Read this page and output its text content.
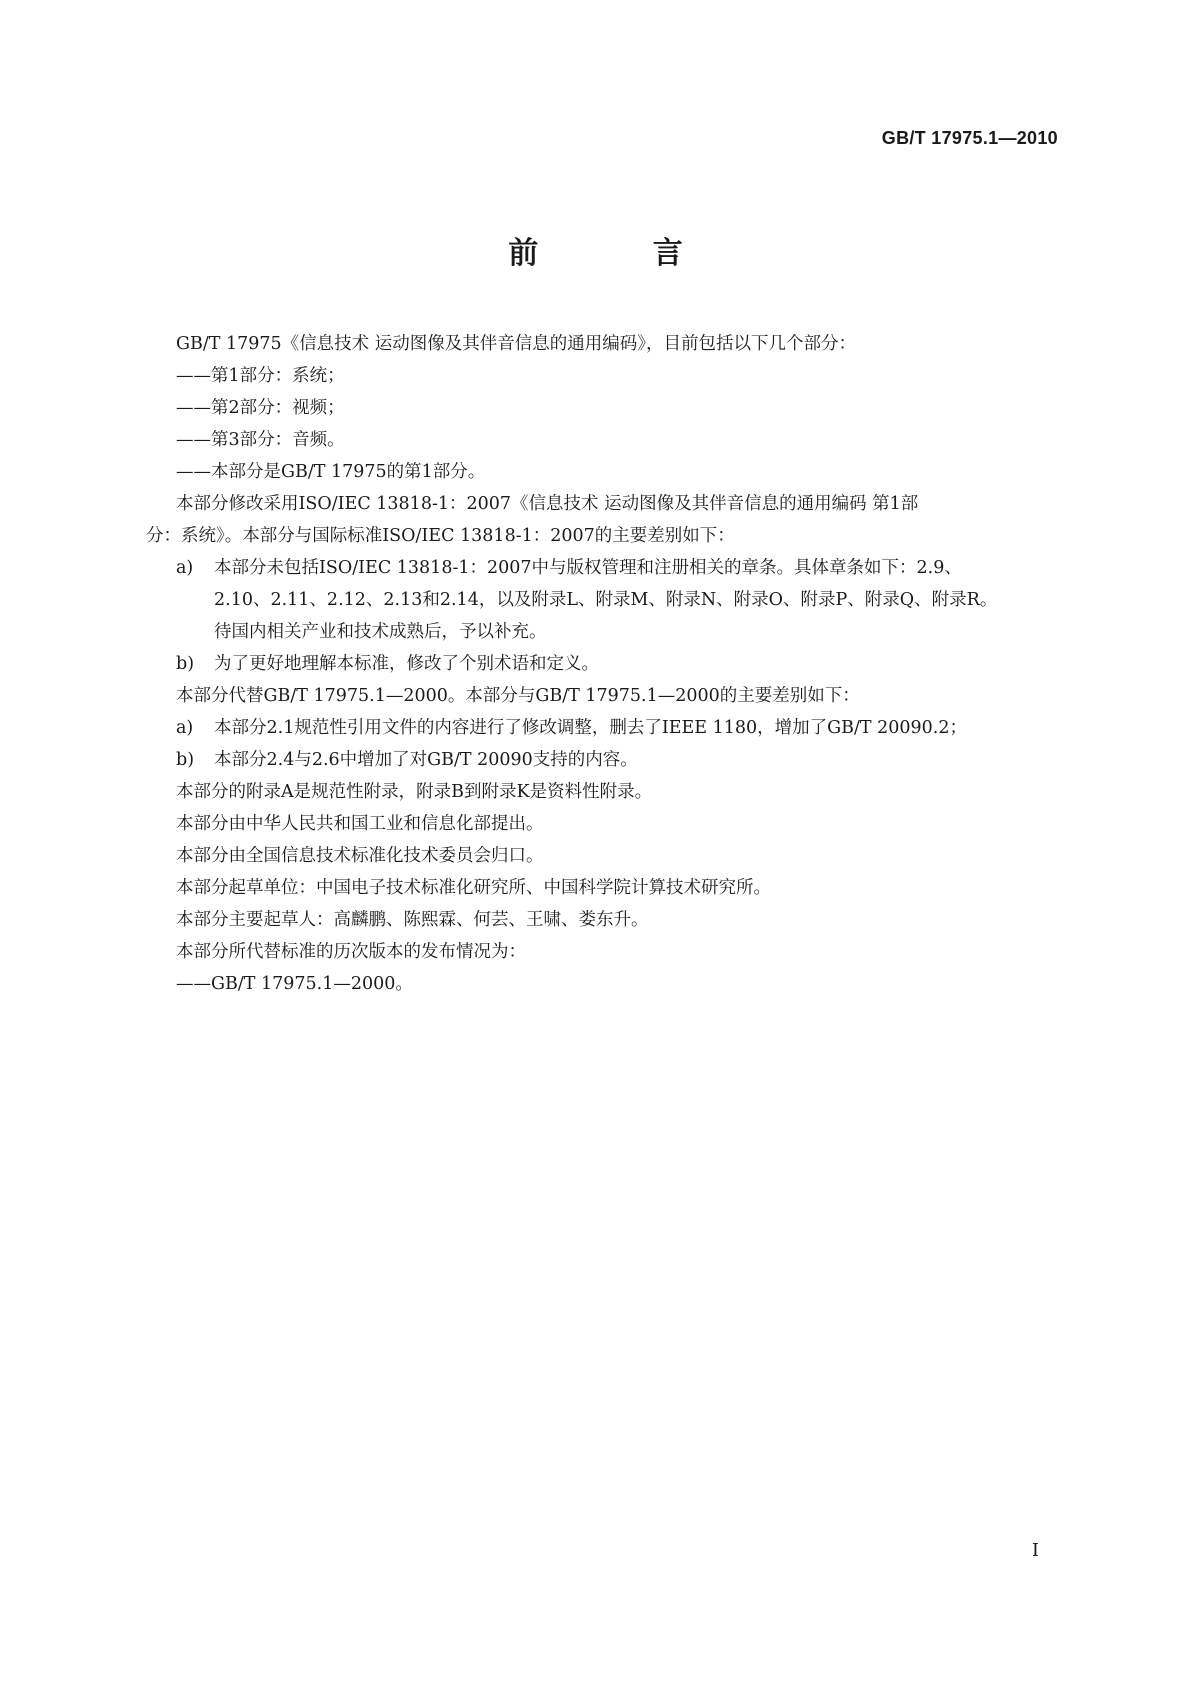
GB/T 17975.1—2010
前 言
GB/T 17975《信息技术 运动图像及其伴音信息的通用编码》，目前包括以下几个部分：
——第1部分：系统；
——第2部分：视频；
——第3部分：音频。
——本部分是GB/T 17975的第1部分。
本部分修改采用ISO/IEC 13818-1：2007《信息技术 运动图像及其伴音信息的通用编码 第1部
分：系统》。本部分与国际标准ISO/IEC 13818-1：2007的主要差别如下：
a)	本部分未包括ISO/IEC 13818-1：2007中与版权管理和注册相关的章条。具体章条如下：2.9、
2.10、2.11、2.12、2.13和2.14，以及附录L、附录M、附录N、附录O、附录P、附录Q、附录R。
待国内相关产业和技术成熟后，予以补充。
b)	为了更好地理解本标准，修改了个别术语和定义。
本部分代替GB/T 17975.1—2000。本部分与GB/T 17975.1—2000的主要差别如下：
a)	本部分2.1规范性引用文件的内容进行了修改调整，删去了IEEE 1180，增加了GB/T 20090.2；
b)	本部分2.4与2.6中增加了对GB/T 20090支持的内容。
本部分的附录A是规范性附录，附录B到附录K是资料性附录。
本部分由中华人民共和国工业和信息化部提出。
本部分由全国信息技术标准化技术委员会归口。
本部分起草单位：中国电子技术标准化研究所、中国科学院计算技术研究所。
本部分主要起草人：高麟鹏、陈熙霖、何芸、王啸、娄东升。
本部分所代替标准的历次版本的发布情况为：
——GB/T 17975.1—2000。
I
